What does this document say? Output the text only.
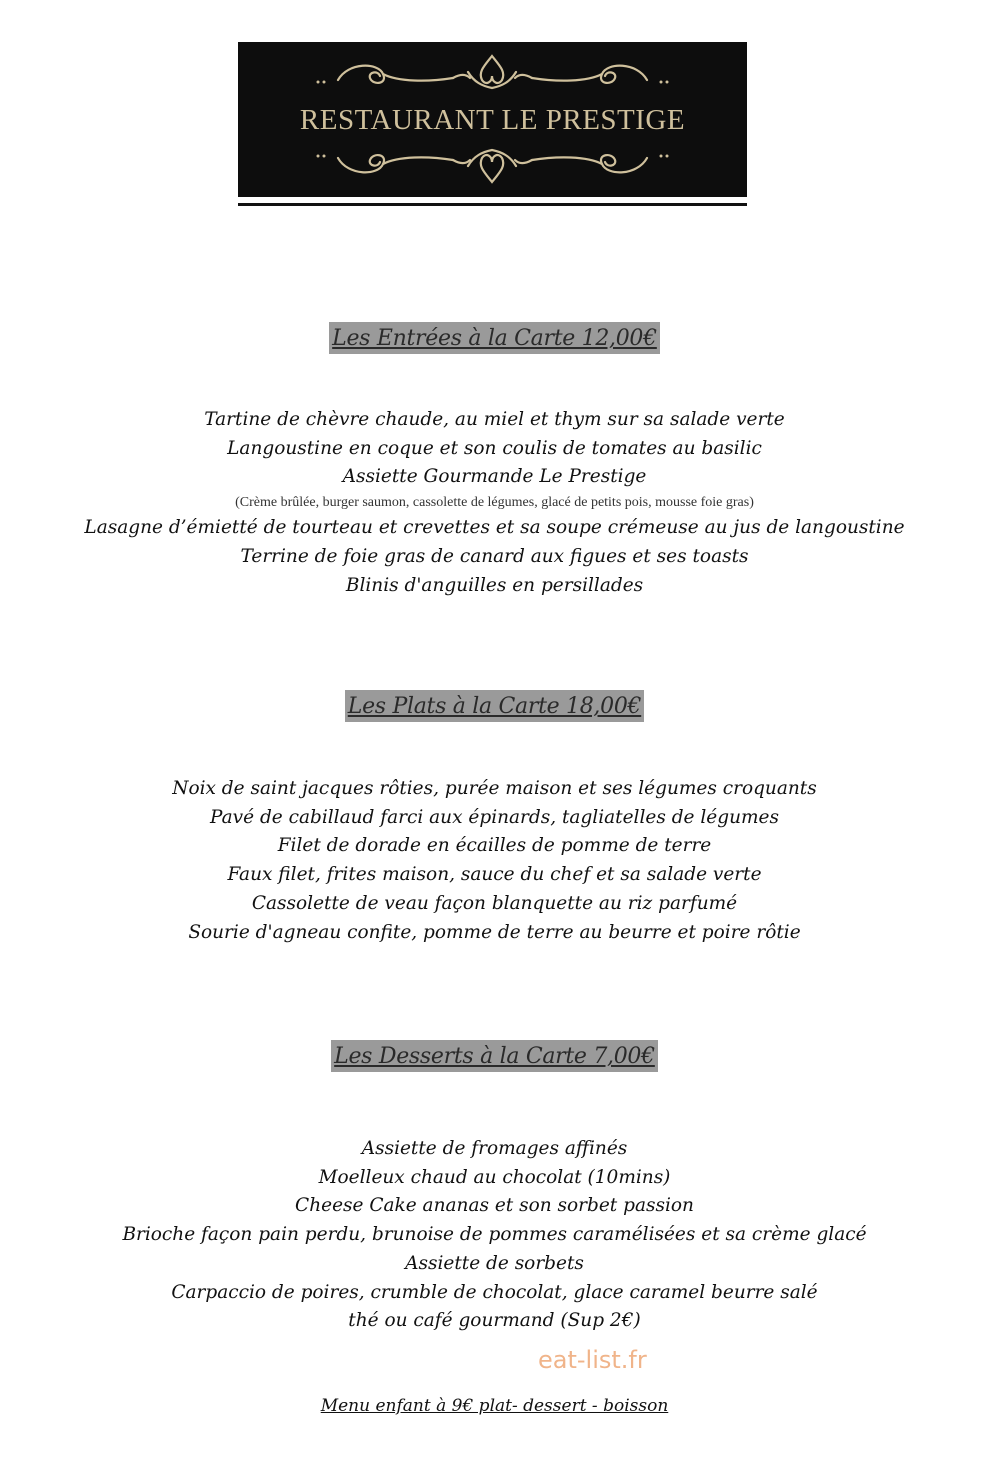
RESTAURANT LE PRESTIGE
Les Entrées à la Carte 12,00€
Tartine de chèvre chaude, au miel et thym sur sa salade verte
Langoustine en coque et son coulis de tomates au basilic
Assiette Gourmande Le Prestige
(Crème brûlée, burger saumon, cassolette de légumes, glacé de petits pois, mousse foie gras)
Lasagne d’émietté de tourteau et crevettes et sa soupe crémeuse au jus de langoustine
Terrine de foie gras de canard aux figues et ses toasts
Blinis d'anguilles en persillades
Les Plats à la Carte 18,00€
Noix de saint jacques rôties, purée maison et ses légumes croquants
Pavé de cabillaud farci aux épinards, tagliatelles de légumes
Filet de dorade en écailles de pomme de terre
Faux filet, frites maison, sauce du chef et sa salade verte
Cassolette de veau façon blanquette au riz parfumé
Sourie d'agneau confite, pomme de terre au beurre et poire rôtie
Les Desserts à la Carte 7,00€
Assiette de fromages affinés
Moelleux chaud au chocolat (10mins)
Cheese Cake ananas et son sorbet passion
Brioche façon pain perdu, brunoise de pommes caramélisées et sa crème glacé
Assiette de sorbets
Carpaccio de poires, crumble de chocolat, glace caramel beurre salé
thé ou café gourmand (Sup 2€)
eat-list.fr
Menu enfant à 9€ plat- dessert - boisson
